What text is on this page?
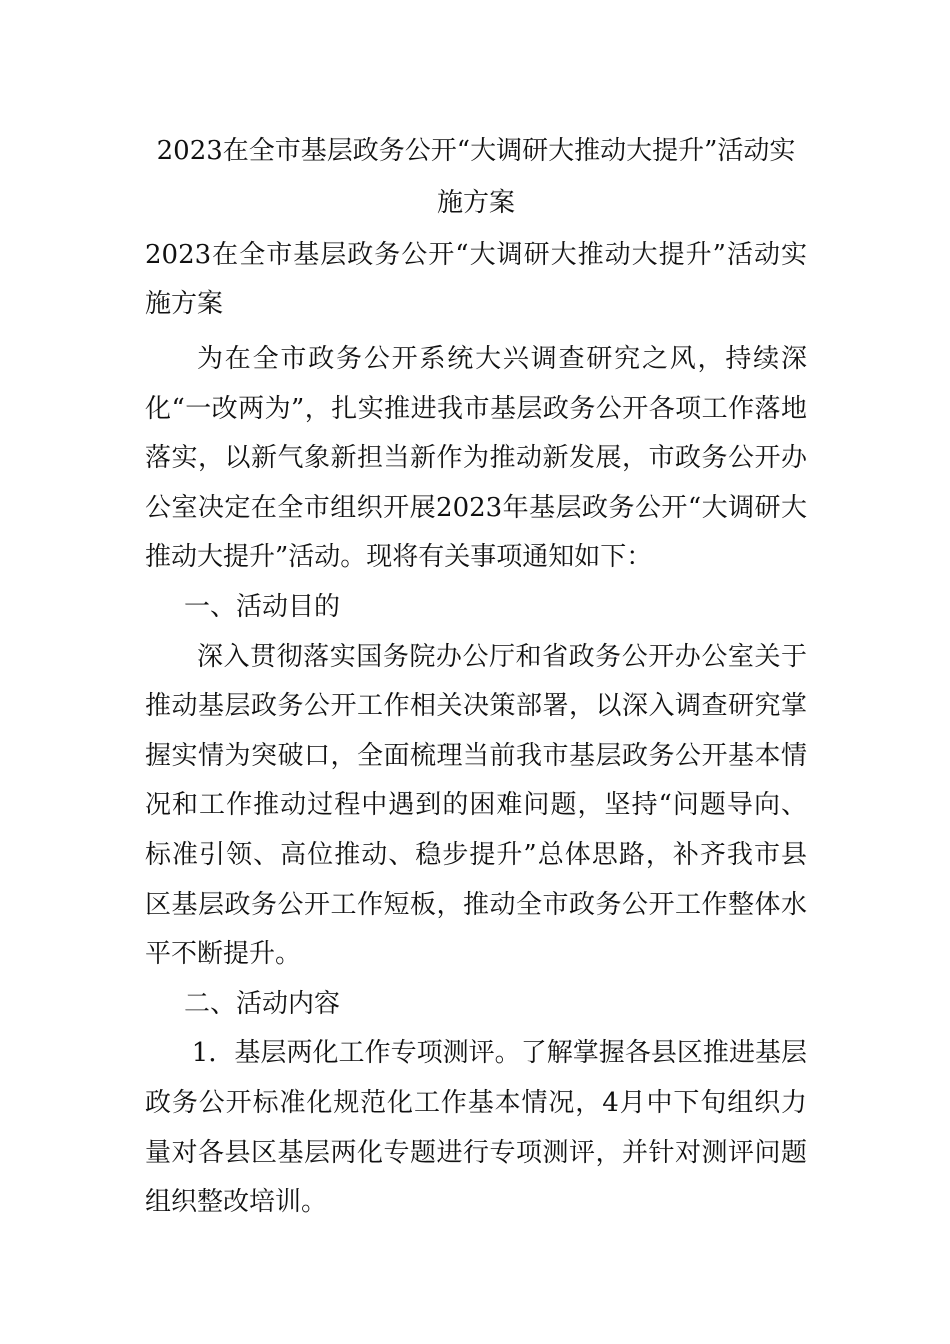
2023在全市基层政务公开“大调研大推动大提升”活动实施方案

2023在全市基层政务公开“大调研大推动大提升”活动实施方案

为在全市政务公开系统大兴调查研究之风，持续深化“一改两为”，扎实推进我市基层政务公开各项工作落地落实，以新气象新担当新作为推动新发展，市政务公开办公室决定在全市组织开展2023年基层政务公开“大调研大推动大提升”活动。现将有关事项通知如下：

一、活动目的

深入贯彻落实国务院办公厅和省政务公开办公室关于推动基层政务公开工作相关决策部署，以深入调查研究掌握实情为突破口，全面梳理当前我市基层政务公开基本情况和工作推动过程中遇到的困难问题，坚持“问题导向、标准引领、高位推动、稳步提升”总体思路，补齐我市县区基层政务公开工作短板，推动全市政务公开工作整体水平不断提升。

二、活动内容

1．基层两化工作专项测评。了解掌握各县区推进基层政务公开标准化规范化工作基本情况，4月中下旬组织力量对各县区基层两化专题进行专项测评，并针对测评问题组织整改培训。
